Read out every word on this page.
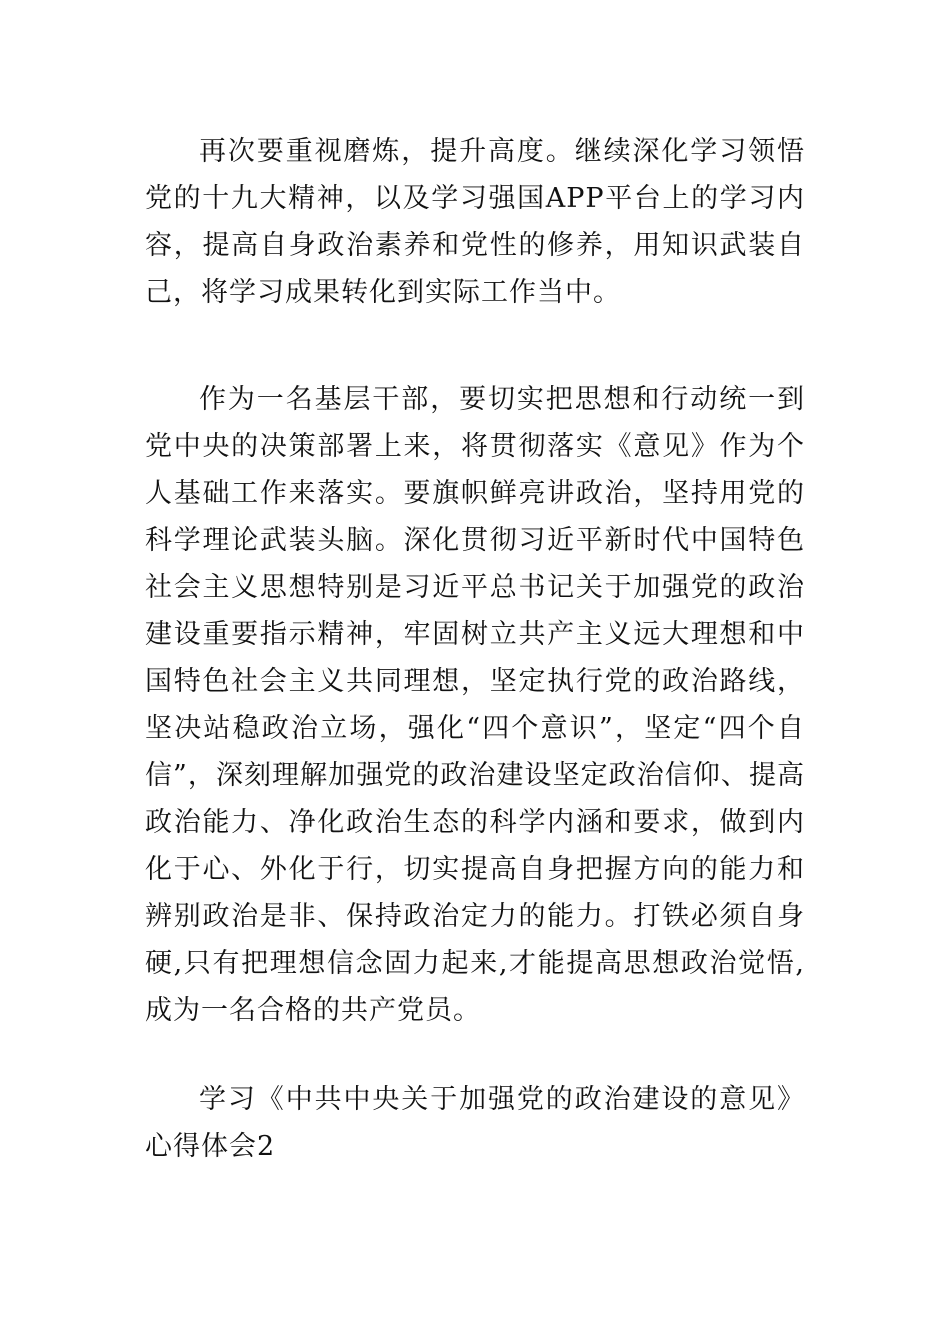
再次要重视磨炼，提升高度。继续深化学习领悟党的十九大精神，以及学习强国APP平台上的学习内容，提高自身政治素养和党性的修养，用知识武装自己，将学习成果转化到实际工作当中。

作为一名基层干部，要切实把思想和行动统一到党中央的决策部署上来，将贯彻落实《意见》作为个人基础工作来落实。要旗帜鲜亮讲政治，坚持用党的科学理论武装头脑。深化贯彻习近平新时代中国特色社会主义思想特别是习近平总书记关于加强党的政治建设重要指示精神，牢固树立共产主义远大理想和中国特色社会主义共同理想，坚定执行党的政治路线，坚决站稳政治立场，强化“四个意识”，坚定“四个自信”，深刻理解加强党的政治建设坚定政治信仰、提高政治能力、净化政治生态的科学内涵和要求，做到内化于心、外化于行，切实提高自身把握方向的能力和辨别政治是非、保持政治定力的能力。打铁必须自身硬,只有把理想信念固力起来,才能提高思想政治觉悟,成为一名合格的共产党员。

学习《中共中央关于加强党的政治建设的意见》心得体会2
